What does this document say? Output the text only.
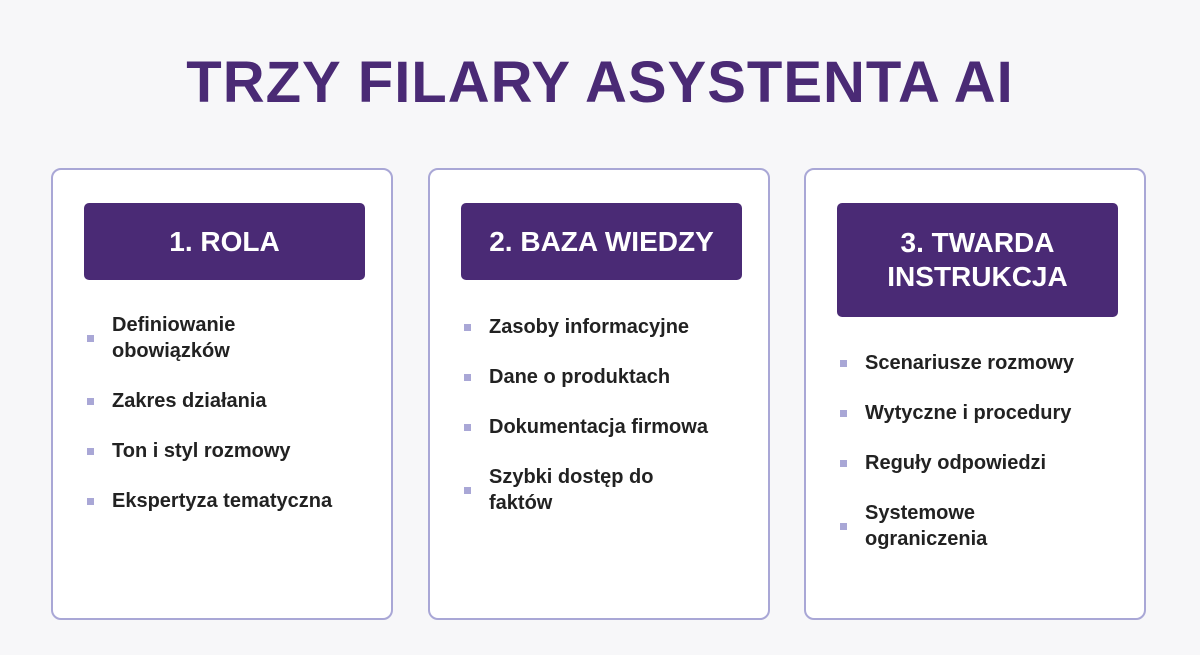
TRZY FILARY ASYSTENTA AI
1. ROLA
Definiowanie obowiązków
Zakres działania
Ton i styl rozmowy
Ekspertyza tematyczna
2. BAZA WIEDZY
Zasoby informacyjne
Dane o produktach
Dokumentacja firmowa
Szybki dostęp do faktów
3. TWARDA INSTRUKCJA
Scenariusze rozmowy
Wytyczne i procedury
Reguły odpowiedzi
Systemowe ograniczenia
